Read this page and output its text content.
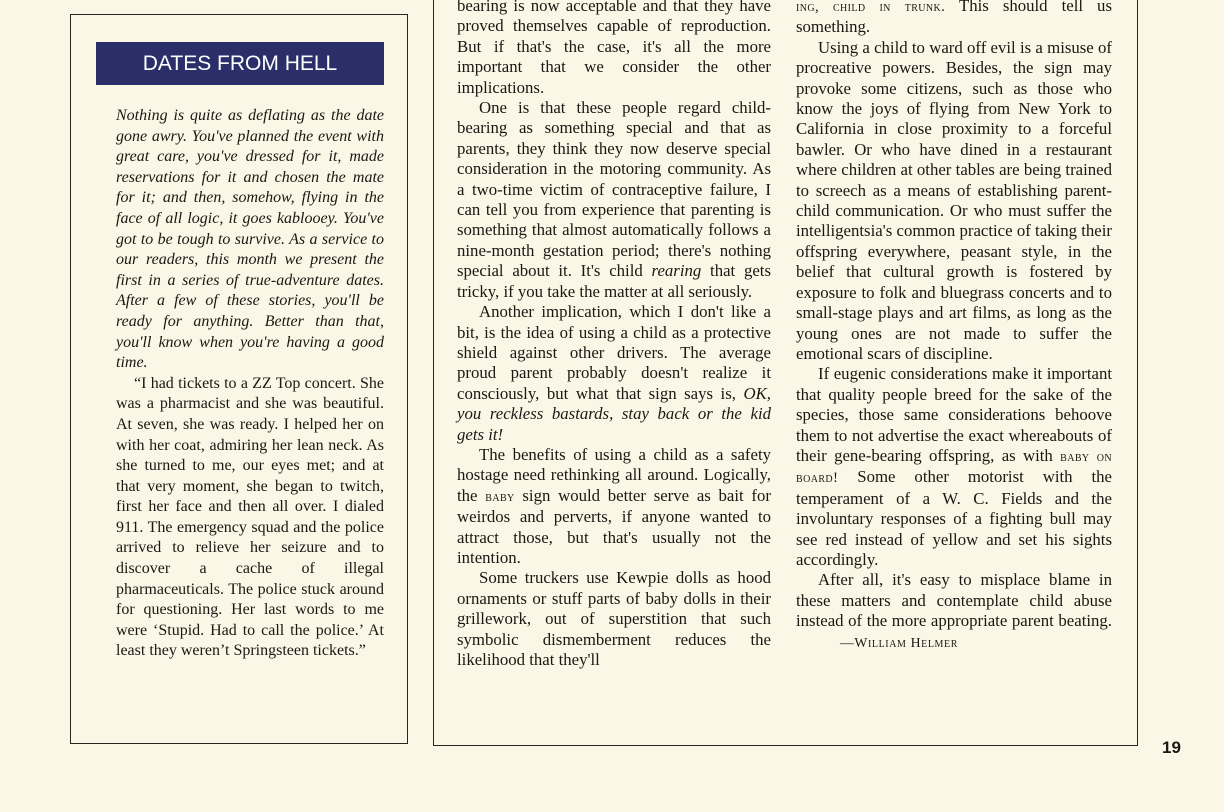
DATES FROM HELL

Nothing is quite as deflating as the date gone awry. You've planned the event with great care, you've dressed for it, made reservations for it and chosen the mate for it; and then, somehow, flying in the face of all logic, it goes kablooey. You've got to be tough to survive. As a service to our readers, this month we present the first in a series of true-adventure dates. After a few of these stories, you'll be ready for anything. Better than that, you'll know when you're having a good time.

“I had tickets to a ZZ Top concert. She was a pharmacist and she was beautiful. At seven, she was ready. I helped her on with her coat, admiring her lean neck. As she turned to me, our eyes met; and at that very moment, she began to twitch, first her face and then all over. I dialed 911. The emergency squad and the police arrived to relieve her seizure and to discover a cache of illegal pharmaceuticals. The police stuck around for questioning. Her last words to me were ‘Stupid. Had to call the police.’ At least they weren’t Springsteen tickets.”

bearing is now acceptable and that they have proved themselves capable of reproduction. But if that's the case, it's all the more important that we consider the other implications.

One is that these people regard child-bearing as something special and that as parents, they think they now deserve special consideration in the motoring community. As a two-time victim of contraceptive failure, I can tell you from experience that parenting is something that almost automatically follows a nine-month gestation period; there's nothing special about it. It's child rearing that gets tricky, if you take the matter at all seriously.

Another implication, which I don't like a bit, is the idea of using a child as a protective shield against other drivers. The average proud parent probably doesn't realize it consciously, but what that sign says is, OK, you reckless bastards, stay back or the kid gets it!

The benefits of using a child as a safety hostage need rethinking all around. Logically, the baby sign would better serve as bait for weirdos and perverts, if anyone wanted to attract those, but that's usually not the intention.

Some truckers use Kewpie dolls as hood ornaments or stuff parts of baby dolls in their grillework, out of superstition that such symbolic dismemberment reduces the likelihood that they'll

ing, child in trunk. This should tell us something.

Using a child to ward off evil is a misuse of procreative powers. Besides, the sign may provoke some citizens, such as those who know the joys of flying from New York to California in close proximity to a forceful bawler. Or who have dined in a restaurant where children at other tables are being trained to screech as a means of establishing parent-child communication. Or who must suffer the intelligentsia's common practice of taking their offspring everywhere, peasant style, in the belief that cultural growth is fostered by exposure to folk and bluegrass concerts and to small-stage plays and art films, as long as the young ones are not made to suffer the emotional scars of discipline.

If eugenic considerations make it important that quality people breed for the sake of the species, those same considerations behoove them to not advertise the exact whereabouts of their gene-bearing offspring, as with baby on board! Some other motorist with the temperament of a W. C. Fields and the involuntary responses of a fighting bull may see red instead of yellow and set his sights accordingly.

After all, it's easy to misplace blame in these matters and contemplate child abuse instead of the more appropriate parent beating.—William Helmer

19
